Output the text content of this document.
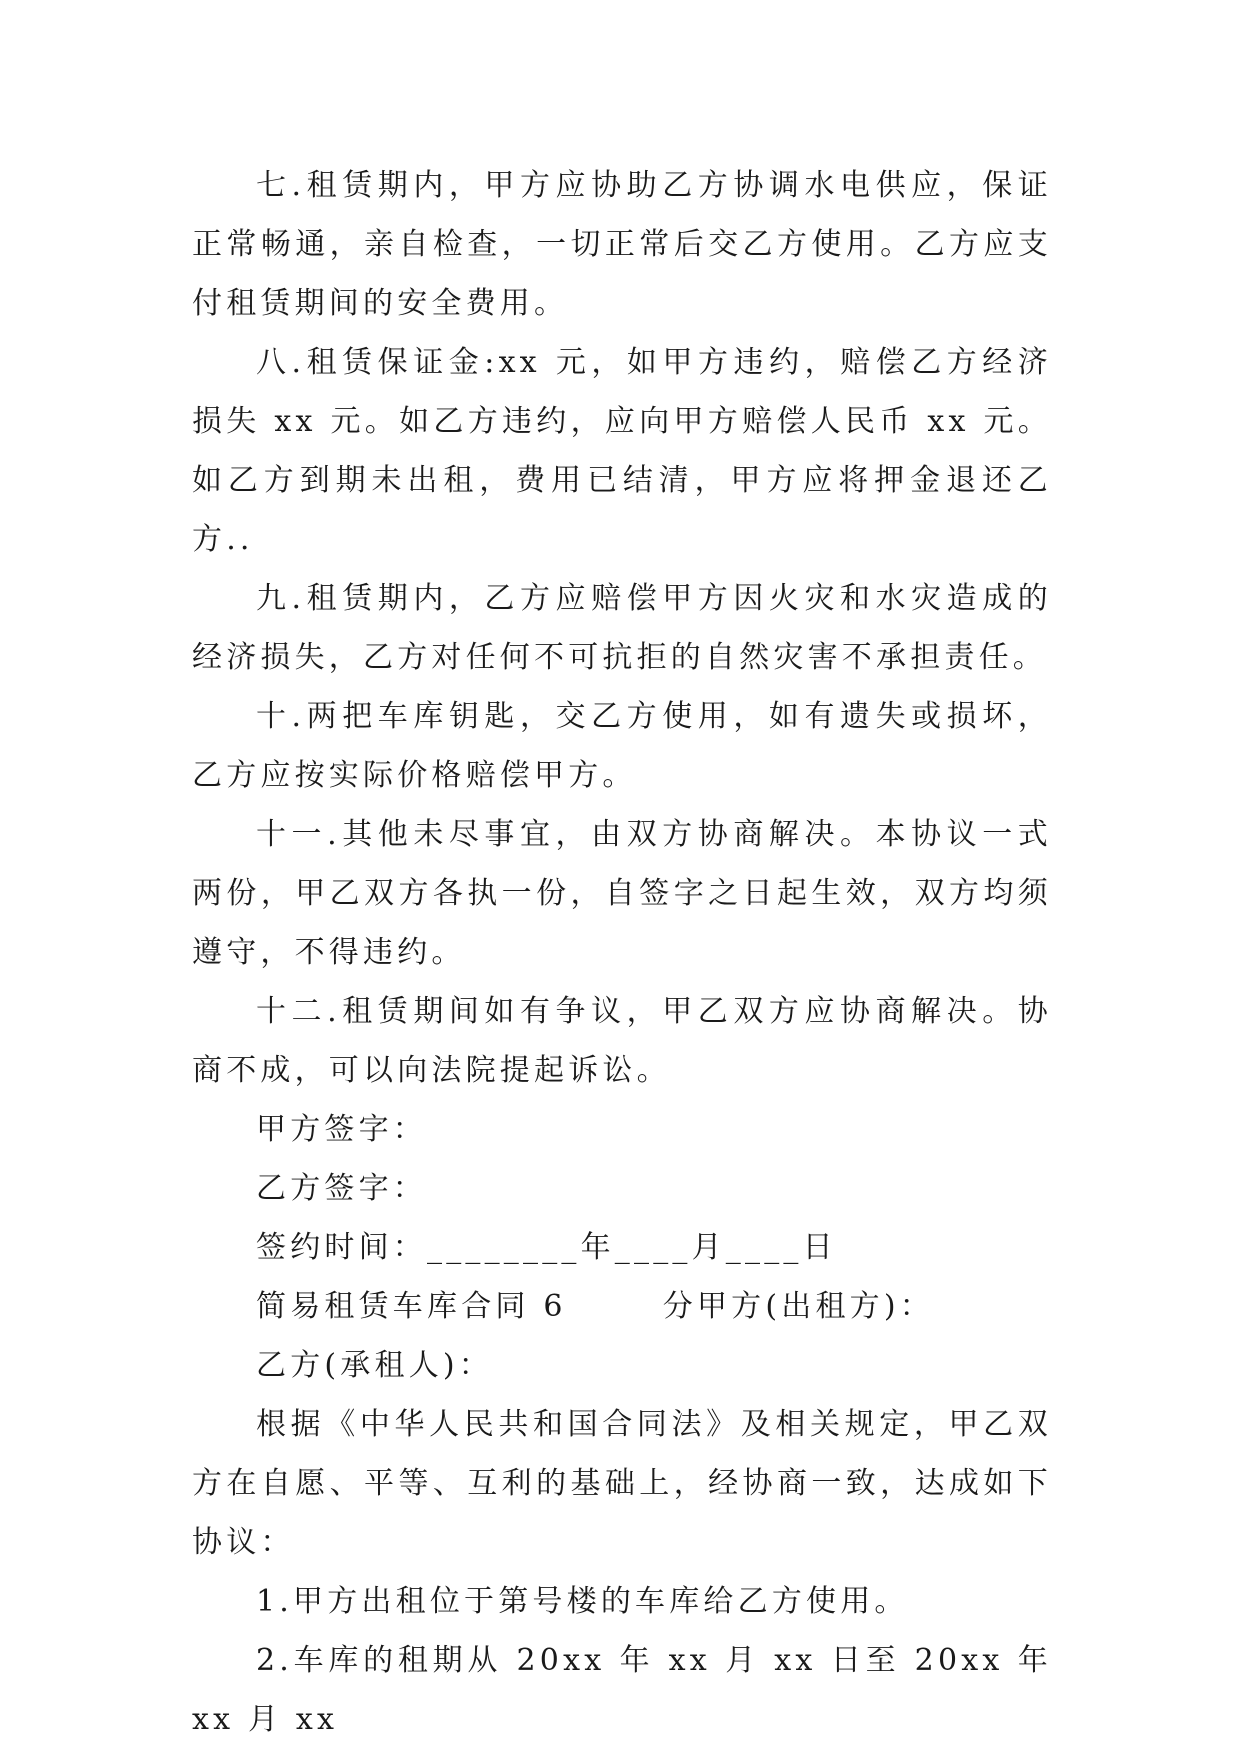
七.租赁期内，甲方应协助乙方协调水电供应，保证正常畅通，亲自检查，一切正常后交乙方使用。乙方应支付租赁期间的安全费用。

八.租赁保证金:xx 元，如甲方违约，赔偿乙方经济损失 xx 元。如乙方违约，应向甲方赔偿人民币 xx 元。如乙方到期未出租，费用已结清，甲方应将押金退还乙方..

九.租赁期内，乙方应赔偿甲方因火灾和水灾造成的经济损失，乙方对任何不可抗拒的自然灾害不承担责任。

十.两把车库钥匙，交乙方使用，如有遗失或损坏，乙方应按实际价格赔偿甲方。

十一.其他未尽事宜，由双方协商解决。本协议一式两份，甲乙双方各执一份，自签字之日起生效，双方均须遵守，不得违约。

十二.租赁期间如有争议，甲乙双方应协商解决。协商不成，可以向法院提起诉讼。

甲方签字：

乙方签字：

签约时间：________年____月____日

简易租赁车库合同 6       分甲方(出租方)：

乙方(承租人)：

根据《中华人民共和国合同法》及相关规定，甲乙双方在自愿、平等、互利的基础上，经协商一致，达成如下协议：

1.甲方出租位于第号楼的车库给乙方使用。

2.车库的租期从 20xx 年 xx 月 xx 日至 20xx 年 xx 月 xx
